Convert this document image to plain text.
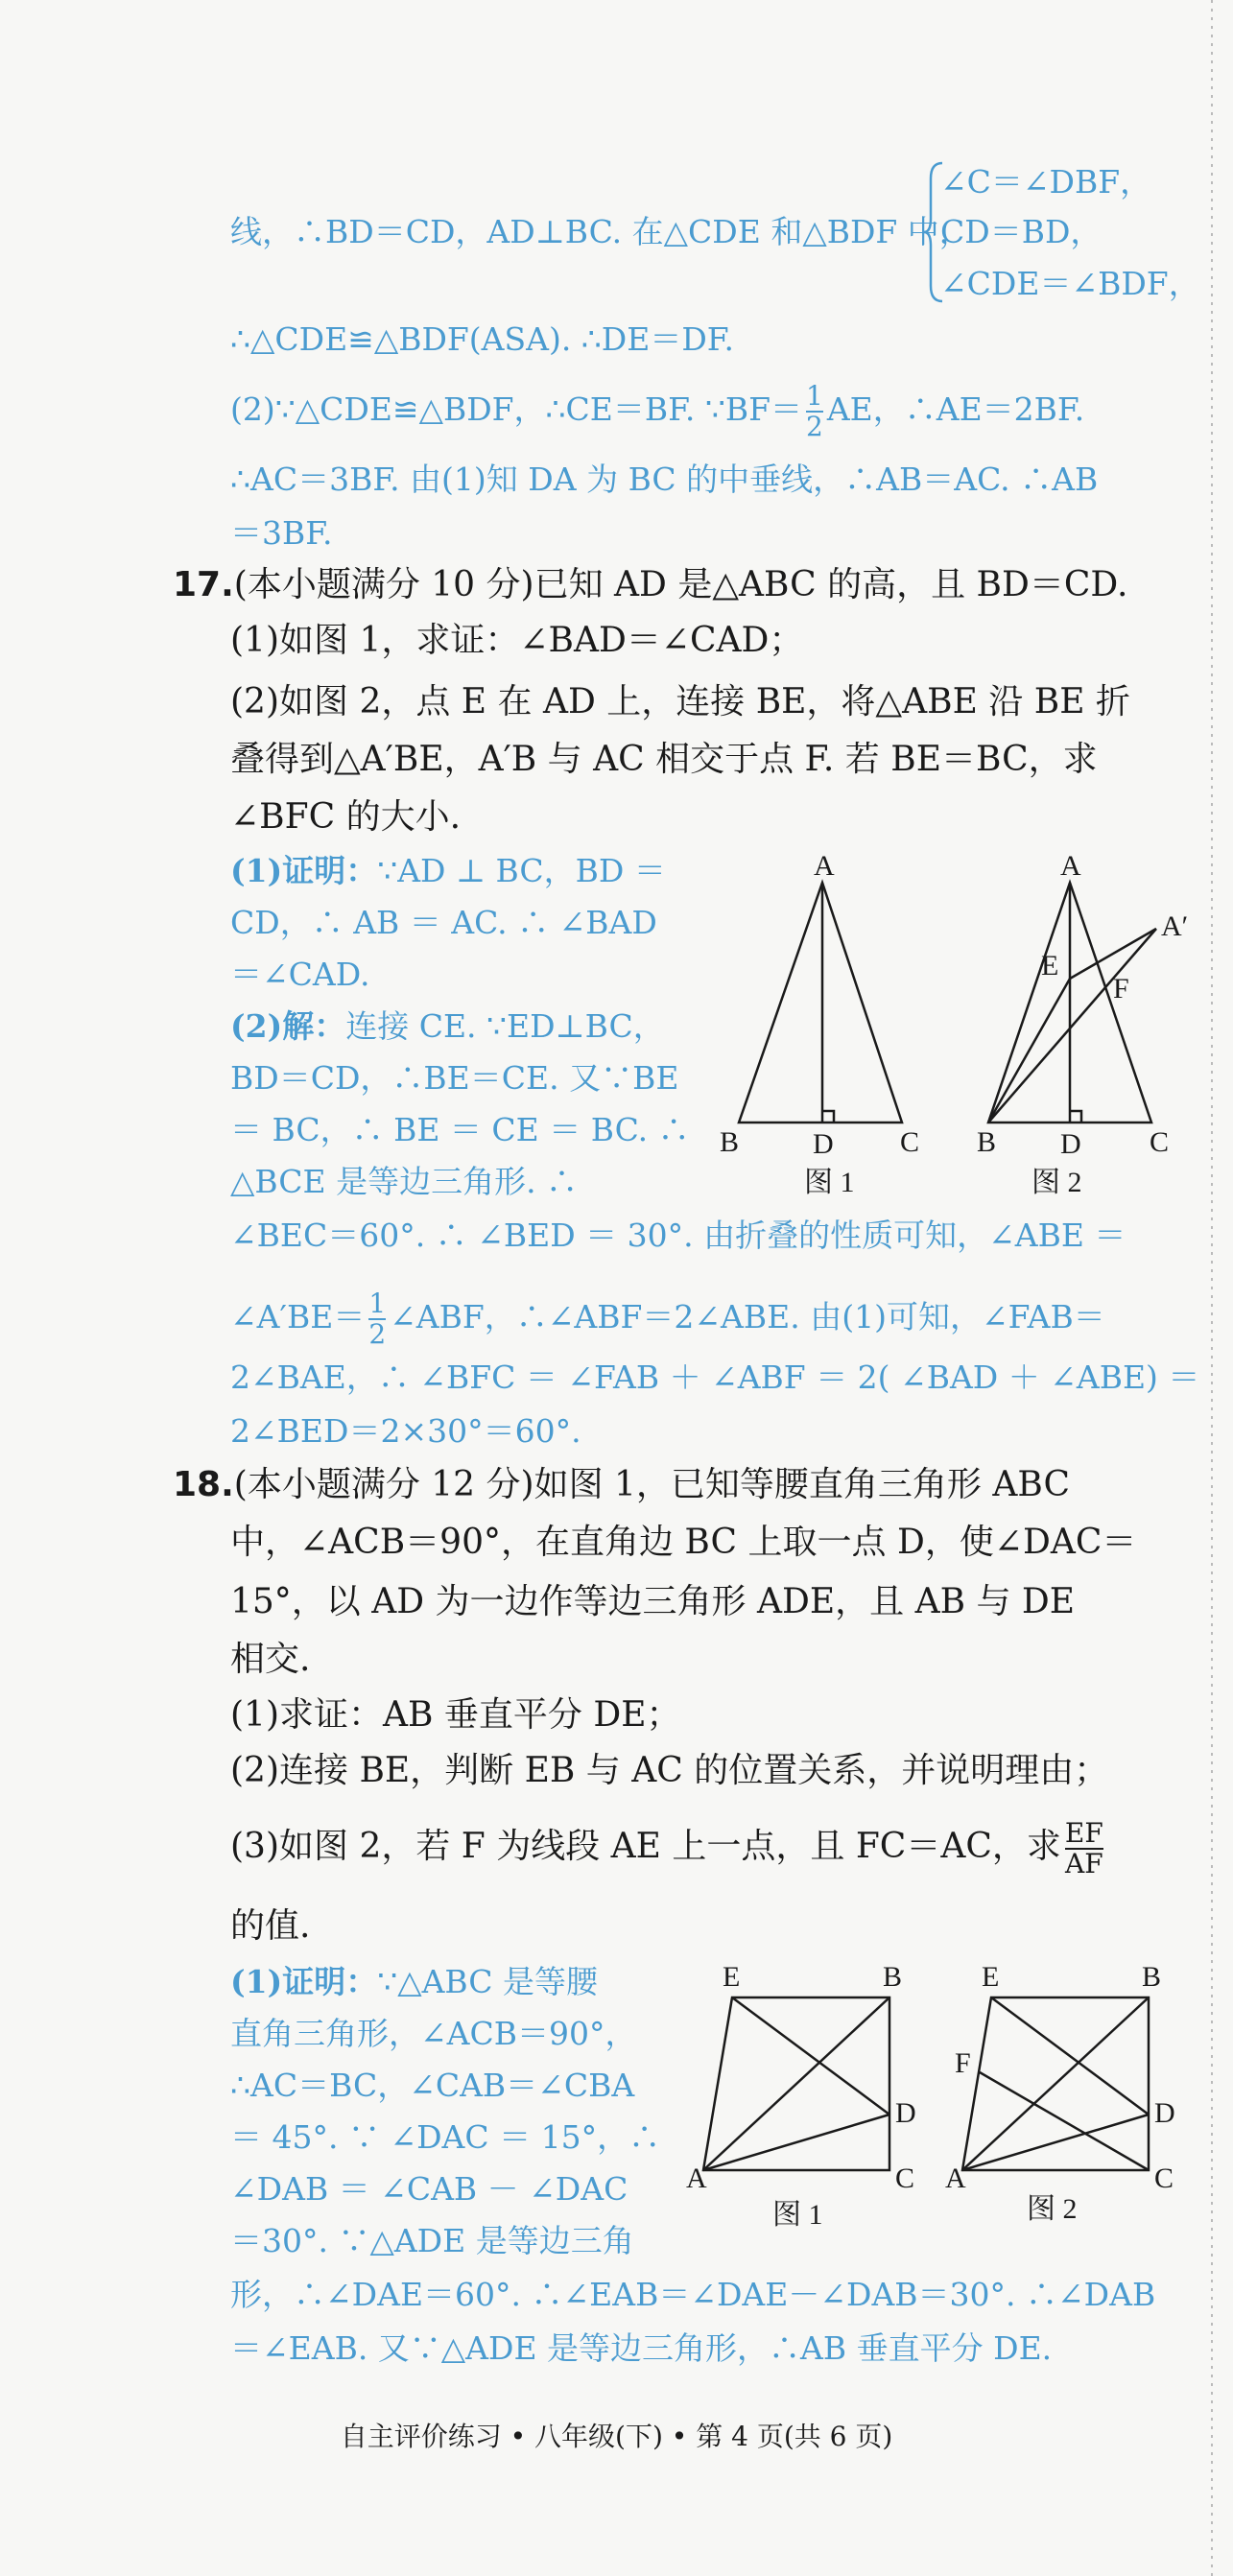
线，∴BD＝CD，AD⊥BC. 在△CDE 和△BDF 中，
∠C＝∠DBF，
CD＝BD，
∠CDE＝∠BDF，
∴△CDE≌△BDF(ASA). ∴DE＝DF.
(2)∵△CDE≌△BDF，∴CE＝BF. ∵BF＝ $\frac{1}{2}$ AE，∴AE＝2BF.
∴AC＝3BF. 由(1)知 DA 为 BC 的中垂线，∴AB＝AC. ∴AB
＝3BF.
17.(本小题满分 10 分)已知 AD 是△ABC 的高，且 BD＝CD.
(1)如图 1，求证：∠BAD＝∠CAD；
(2)如图 2，点 E 在 AD 上，连接 BE，将△ABE 沿 BE 折
叠得到△A′BE，A′B 与 AC 相交于点 F. 若 BE＝BC，求
∠BFC 的大小.
(1)证明：∵AD ⊥ BC，BD ＝
CD，∴ AB ＝ AC. ∴ ∠BAD
＝∠CAD.
(2)解：连接 CE. ∵ED⊥BC，
BD＝CD，∴BE＝CE. 又∵BE
＝ BC，∴ BE ＝ CE ＝ BC. ∴
△BCE 是等边三角形. ∴
∠BEC＝60°. ∴ ∠BED ＝ 30°. 由折叠的性质可知，∠ABE ＝
∠A′BE＝ $\frac{1}{2}$ ∠ABF，∴∠ABF＝2∠ABE. 由(1)可知，∠FAB＝
2∠BAE，∴ ∠BFC ＝ ∠FAB ＋ ∠ABF ＝ 2( ∠BAD ＋ ∠ABE) ＝
2∠BED＝2×30°＝60°.
A
B	D C
图 1
A
A′
E
F
B D C
图 2
18.(本小题满分 12 分)如图 1，已知等腰直角三角形 ABC
中，∠ACB＝90°，在直角边 BC 上取一点 D，使∠DAC＝
15°，以 AD 为一边作等边三角形 ADE，且 AB 与 DE
相交.
(1)求证：AB 垂直平分 DE；
(2)连接 BE，判断 EB 与 AC 的位置关系，并说明理由；
(3)如图 2，若 F 为线段 AE 上一点，且 FC＝AC，求 $\frac{EF}{AF}$
的值.
(1)证明：∵△ABC 是等腰
直角三角形，∠ACB＝90°，
∴AC＝BC，∠CAB＝∠CBA
＝ 45°. ∵ ∠DAC ＝ 15°，∴
∠DAB ＝ ∠CAB － ∠DAC
＝30°. ∵△ADE 是等边三角
形，∴∠DAE＝60°. ∴∠EAB＝∠DAE－∠DAB＝30°. ∴∠DAB
＝∠EAB. 又∵△ADE 是等边三角形，∴AB 垂直平分 DE.
E	B
D
C
A
图 1
E	B
F
D
C
A
图 2
自主评价练习 • 八年级(下) • 第 4 页(共 6 页)
